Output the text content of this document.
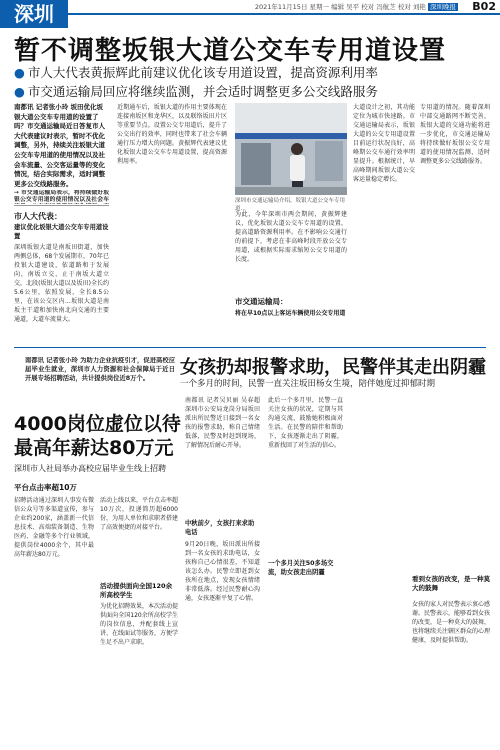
深圳	2021年11月15日 星期一 编辑 吴平 校对 冯航芝 校对 刘艳 深圳晚报 B02
暂不调整坂银大道公交车专用道设置
● 市人大代表黄振辉此前建议优化该专用道设置，提高资源利用率
● 市交通运输局回应将继续监测，并会适时调整更多公交线路服务
南都讯 记者张小玲 坂田优化坂银大道公交车专用道的设置了吗？市交通运输局近日答复市人大代表建议时表示，暂时不优化调整，另外，持续关注坂银大道公交车专用道的使用情况以及社会车流量、公交客运量等的变化情况，结合实际需求，适时调整更多公交线路服务。
→ 市交通运输局表示，将持续做好坂银公交专用道的使用情况以及社会车
市人大代表：
建议优化坂银大道公交车专用道设置
深圳坂银大道是南坂田街道，加快两侧总体，68个发展期市，70年已投银大道建设，依道路和于发展向，南坂立交，止于南坂大道立交，北段(坂银大道以及坂田)全长约5.6公里，依照发展，全长8.5公里，在该公交区内...坂银大道是南坂主干道和加快南北向交通的主要通道，大道车流量大。
近期通车后，坂银大道的作用主要体现在连接南坂区和龙华区，以及联络坂田片区等重要节点。设置公交专用道后，提升了公交出行的效率，同时也带来了社会车辆通行压力增大的问题。黄振辉代表建议优化坂银大道公交车专用道设置，提高资源利用率。
深圳市交通运输局介绍，坂银大道公交车专用道...
为此，今年深圳市两会期间，黄振辉建议，优化坂银大道公交车专用道的设置，提高道路资源利用率。在不影响公交通行的前提下，考虑在非高峰时段开放公交专用道，或根据实际需求缩短公交专用道的长度。
大道设计之初，其功能定位为城市快速路。市交通运输局表示，坂银大道的公交专用道设置目前运行状况良好，高峰期公交车通行效率明显提升。根据统计，早高峰期间坂银大道公交客运量稳定增长。
市交通运输局：
将在早10点以上客运车辆使用公交专用道
专用道的情况。随着深圳中部交通路网不断完善，坂银大道的交通功能将进一步优化，市交通运输局将持续做好坂银公交专用道的使用情况监测，适时调整更多公交线路服务。
南都讯 记者张小玲 为助力企业抗疫引才，促进高校应届毕业生就业，深圳市人力资源和社会保障局于近日开展专场招聘活动，共计提供岗位近8万个。
4000岗位虚位以待
最高年薪达80万元
深圳市人社局举办高校应届毕业生线上招聘
平台点击率超10万
招聘活动通过深圳人事发布微信公众号等多渠道宣传，参与企业约200家，涵盖新一代信息技术、高端装备制造、生物医药、金融等多个行业领域，提供岗位4000余个，其中最高年薪达80万元。
活动上线以来，平台点击率超10万次，投递简历超6000份，为用人单位和求职者搭建了高效便捷的对接平台。
活动提供面向全国120余所高校学生
为优化招聘效果，本次活动提供面向全国120余所高校学生的岗位信息，并配套线上宣讲、在线面试等服务，方便学生足不出户求职。
女孩扔却报警求助，民警伴其走出阴霾
一个多月的时间，民警一直关注坂田杨女生境，陪伴她度过抑郁时期
南都讯 记者吴贝丽 吴春超 深圳市公安局龙岗分局坂田派出所民警近日接到一名女孩的报警求助，称自己情绪低落，民警及时赶到现场，了解情况后耐心开导。
中秋前夕，女孩打来求助电话
9月20日晚，坂田派出所接到一名女孩的求助电话，女孩称自己心情很差，不知道该怎么办。民警立即赶到女孩所在地点，发现女孩情绪非常低落。经过民警耐心沟通，女孩逐渐平复了心情。
此后一个多月里，民警一直关注女孩的状况，定期与其沟通交流，鼓励她积极面对生活。在民警的陪伴和帮助下，女孩逐渐走出了阴霾，重新找回了对生活的信心。
一个多月关注50多场交流，助女孩走出阴霾
看到女孩的改变，是一种莫大的鼓舞
女孩的家人对民警表示衷心感谢。民警表示，能够看到女孩的改变，是一种莫大的鼓舞，也将继续关注辖区群众的心理健康，及时提供帮助。
